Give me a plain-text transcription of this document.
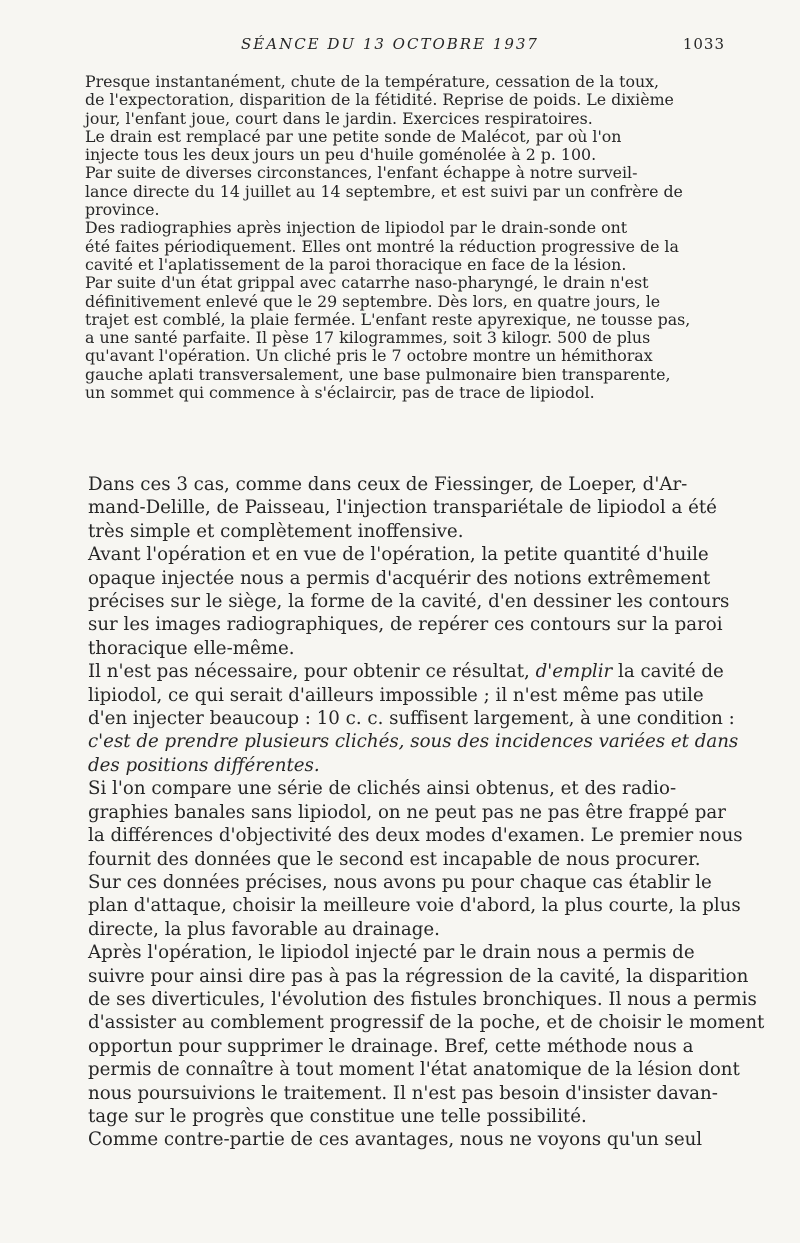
SÉANCE DU 13 OCTOBRE 1937	1033

Presque instantanément, chute de la température, cessation de la toux,
de l'expectoration, disparition de la fétidité. Reprise de poids. Le dixième
jour, l'enfant joue, court dans le jardin. Exercices respiratoires.

Le drain est remplacé par une petite sonde de Malécot, par où l'on
injecte tous les deux jours un peu d'huile goménolée à 2 p. 100.

Par suite de diverses circonstances, l'enfant échappe à notre surveil-
lance directe du 14 juillet au 14 septembre, et est suivi par un confrère de
province.

Des radiographies après injection de lipiodol par le drain-sonde ont
été faites périodiquement. Elles ont montré la réduction progressive de la
cavité et l'aplatissement de la paroi thoracique en face de la lésion.

Par suite d'un état grippal avec catarrhe naso-pharyngé, le drain n'est
définitivement enlevé que le 29 septembre. Dès lors, en quatre jours, le
trajet est comblé, la plaie fermée. L'enfant reste apyrexique, ne tousse pas,
a une santé parfaite. Il pèse 17 kilogrammes, soit 3 kilogr. 500 de plus
qu'avant l'opération. Un cliché pris le 7 octobre montre un hémithorax
gauche aplati transversalement, une base pulmonaire bien transparente,
un sommet qui commence à s'éclaircir, pas de trace de lipiodol.

Dans ces 3 cas, comme dans ceux de Fiessinger, de Loeper, d'Ar-
mand-Delille, de Paisseau, l'injection transpariétale de lipiodol a été
très simple et complètement inoffensive.

Avant l'opération et en vue de l'opération, la petite quantité d'huile
opaque injectée nous a permis d'acquérir des notions extrêmement
précises sur le siège, la forme de la cavité, d'en dessiner les contours
sur les images radiographiques, de repérer ces contours sur la paroi
thoracique elle-même.

Il n'est pas nécessaire, pour obtenir ce résultat, d'emplir la cavité de
lipiodol, ce qui serait d'ailleurs impossible ; il n'est même pas utile
d'en injecter beaucoup : 10 c. c. suffisent largement, à une condition :
c'est de prendre plusieurs clichés, sous des incidences variées et dans
des positions différentes.

Si l'on compare une série de clichés ainsi obtenus, et des radio-
graphies banales sans lipiodol, on ne peut pas ne pas être frappé par
la différences d'objectivité des deux modes d'examen. Le premier nous
fournit des données que le second est incapable de nous procurer.

Sur ces données précises, nous avons pu pour chaque cas établir le
plan d'attaque, choisir la meilleure voie d'abord, la plus courte, la plus
directe, la plus favorable au drainage.

Après l'opération, le lipiodol injecté par le drain nous a permis de
suivre pour ainsi dire pas à pas la régression de la cavité, la disparition
de ses diverticules, l'évolution des fistules bronchiques. Il nous a permis
d'assister au comblement progressif de la poche, et de choisir le moment
opportun pour supprimer le drainage. Bref, cette méthode nous a
permis de connaître à tout moment l'état anatomique de la lésion dont
nous poursuivions le traitement. Il n'est pas besoin d'insister davan-
tage sur le progrès que constitue une telle possibilité.

Comme contre-partie de ces avantages, nous ne voyons qu'un seul
